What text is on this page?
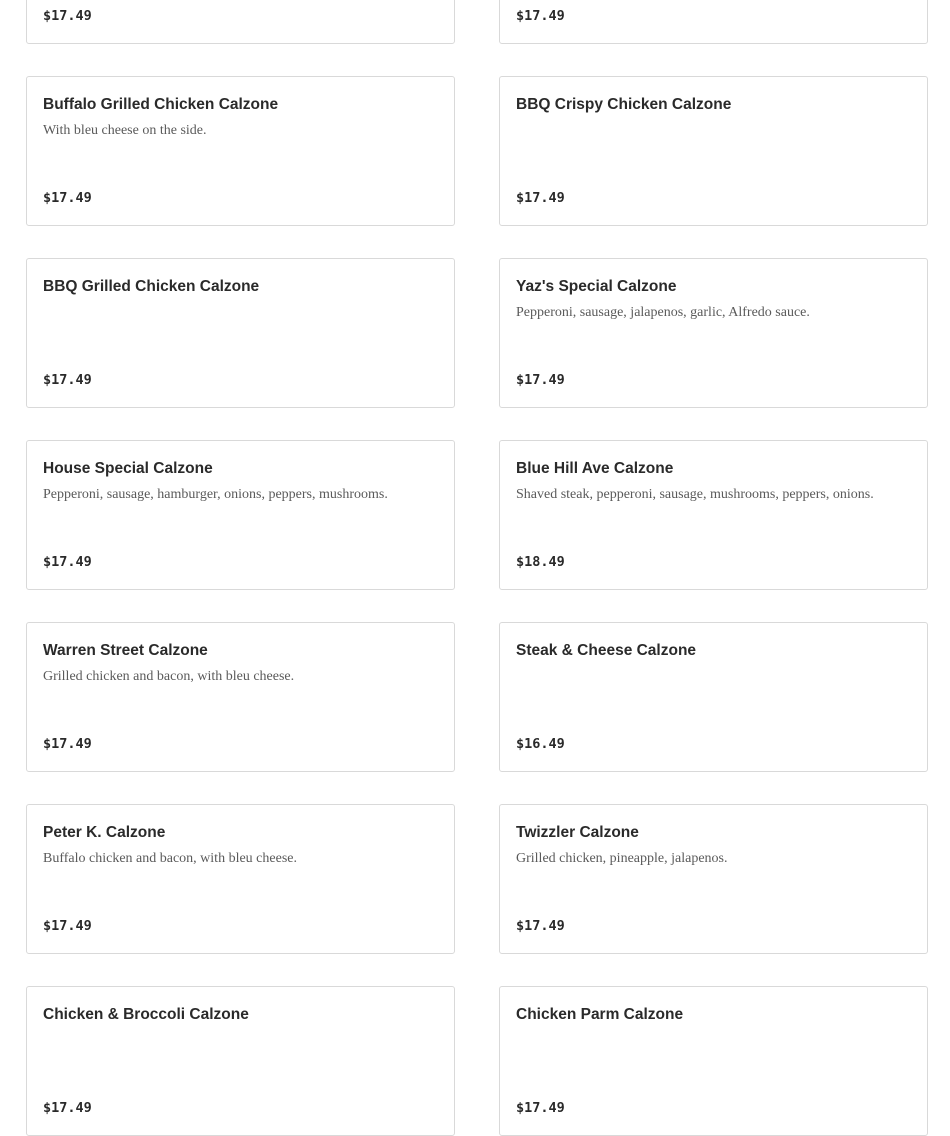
$17.49	$17.49
Buffalo Grilled Chicken Calzone
With bleu cheese on the side.
$17.49
BBQ Crispy Chicken Calzone
$17.49
BBQ Grilled Chicken Calzone
$17.49
Yaz's Special Calzone
Pepperoni, sausage, jalapenos, garlic, Alfredo sauce.
$17.49
House Special Calzone
Pepperoni, sausage, hamburger, onions, peppers, mushrooms.
$17.49
Blue Hill Ave Calzone
Shaved steak, pepperoni, sausage, mushrooms, peppers, onions.
$18.49
Warren Street Calzone
Grilled chicken and bacon, with bleu cheese.
$17.49
Steak & Cheese Calzone
$16.49
Peter K. Calzone
Buffalo chicken and bacon, with bleu cheese.
$17.49
Twizzler Calzone
Grilled chicken, pineapple, jalapenos.
$17.49
Chicken & Broccoli Calzone
$17.49
Chicken Parm Calzone
$17.49
